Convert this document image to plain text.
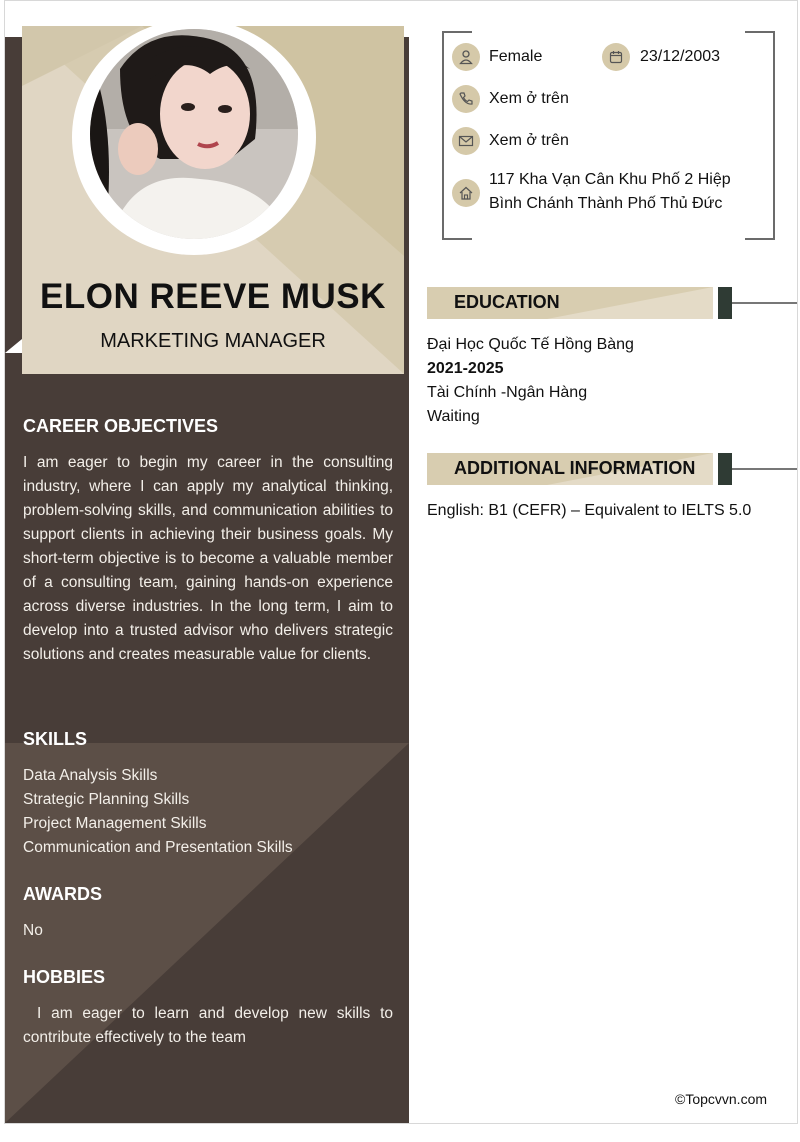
ELON REEVE MUSK
MARKETING MANAGER
CAREER OBJECTIVES
I am eager to begin my career in the consulting industry, where I can apply my analytical thinking, problem-solving skills, and communication abilities to support clients in achieving their business goals. My short-term objective is to become a valuable member of a consulting team, gaining hands-on experience across diverse industries. In the long term, I aim to develop into a trusted advisor who delivers strategic solutions and creates measurable value for clients.
SKILLS
Data Analysis Skills
Strategic Planning Skills
Project Management Skills
Communication and Presentation Skills
AWARDS
No
HOBBIES
I am eager to learn and develop new skills to contribute effectively to the team
Female	23/12/2003
Xem ở trên
Xem ở trên
117 Kha Vạn Cân Khu Phố 2 Hiệp
Bình Chánh Thành Phố Thủ Đức
EDUCATION
Đại Học Quốc Tế Hồng Bàng
2021-2025
Tài Chính -Ngân Hàng
Waiting
ADDITIONAL INFORMATION
English: B1 (CEFR) – Equivalent to IELTS 5.0
©Topcvvn.com
